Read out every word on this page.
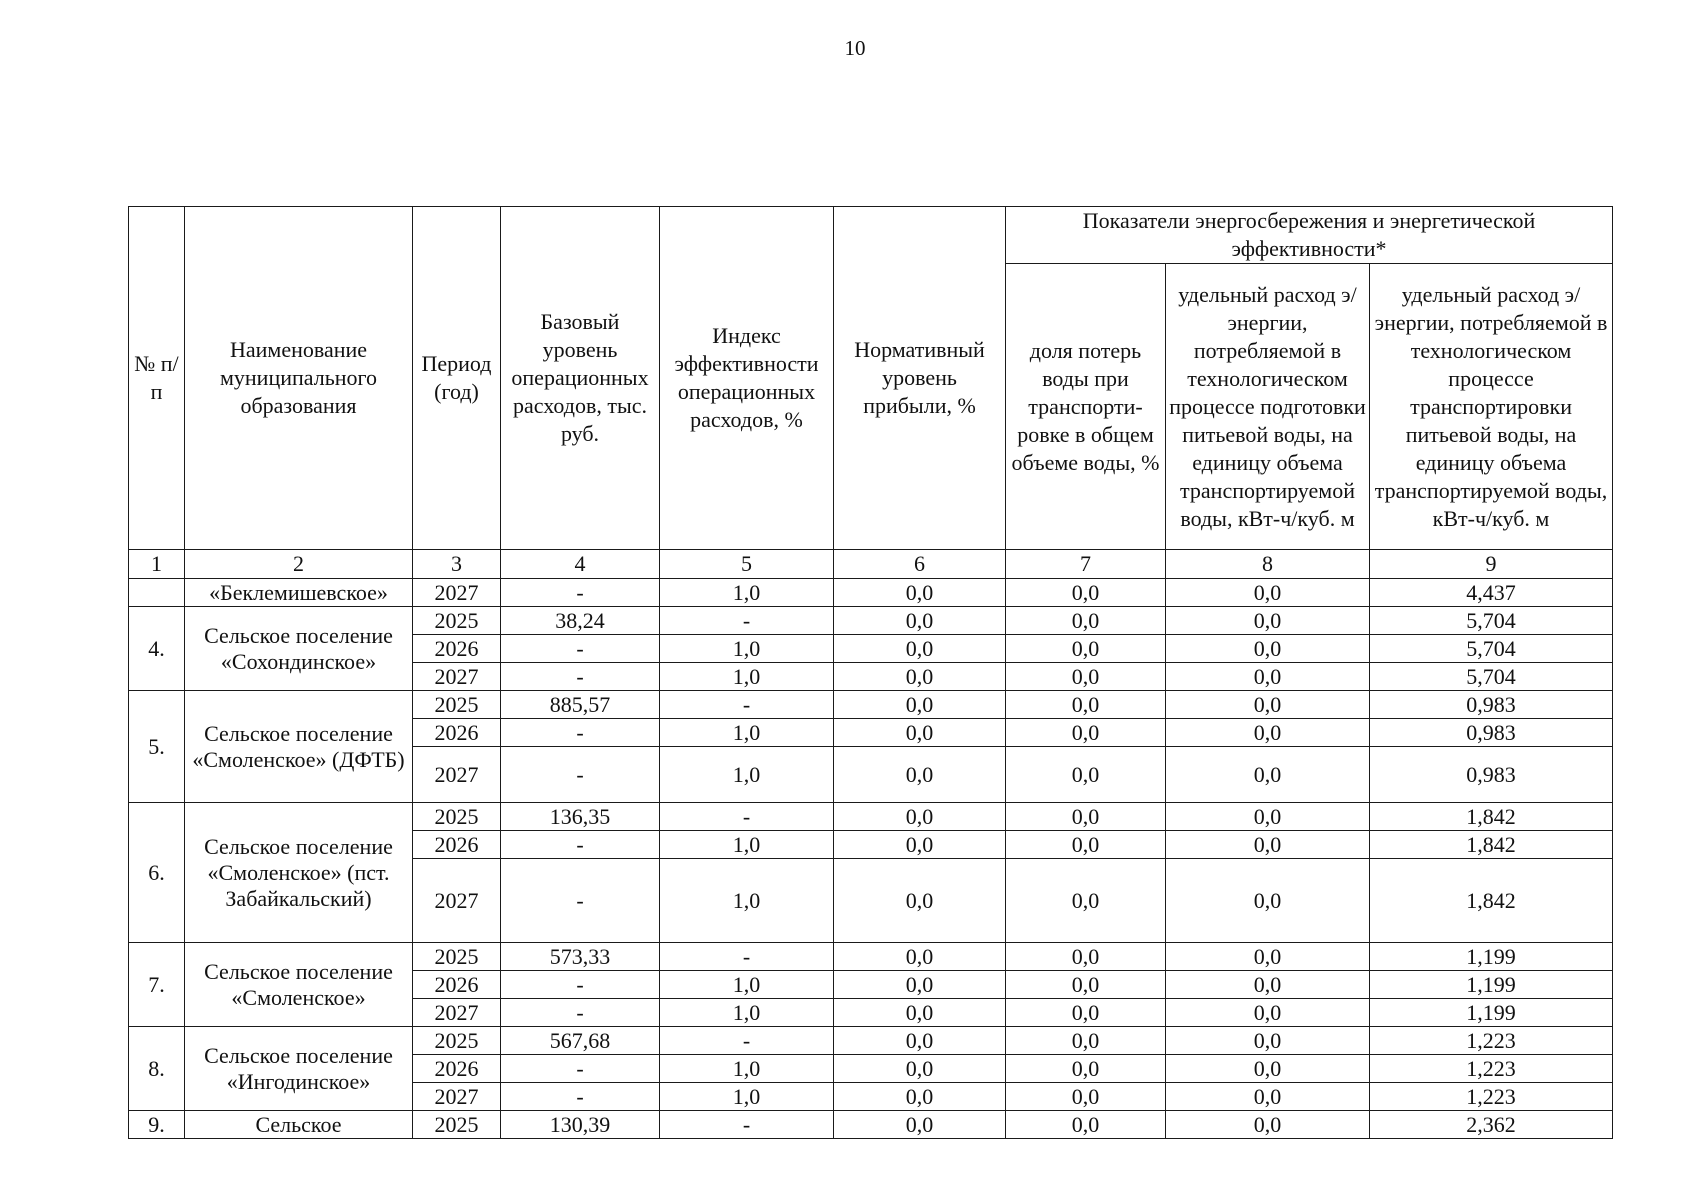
10
№ п/п	Наименование муниципального образования	Период (год)	Базовый уровень операционных расходов, тыс. руб.	Индекс эффективности операционных расходов, %	Нормативный уровень прибыли, %	Показатели энергосбережения и энергетической эффективности*		
						доля потерь воды при транспорти-ровке в общем объеме воды, %	удельный расход э/энергии, потребляемой в технологическом процессе подготовки питьевой воды, на единицу объема транспортируемой воды, кВт-ч/куб. м	удельный расход э/энергии, потребляемой в технологическом процессе транспортировки питьевой воды, на единицу объема транспортируемой воды, кВт-ч/куб. м
1	2	3	4	5	6	7	8	9
	«Беклемишевское»	2027	-	1,0	0,0	0,0	0,0	4,437
4.	Сельское поселение «Сохондинское»	2025	38,24	-	0,0	0,0	0,0	5,704
		2026	-	1,0	0,0	0,0	0,0	5,704
		2027	-	1,0	0,0	0,0	0,0	5,704
5.	Сельское поселение «Смоленское» (ДФТБ)	2025	885,57	-	0,0	0,0	0,0	0,983
		2026	-	1,0	0,0	0,0	0,0	0,983
		2027	-	1,0	0,0	0,0	0,0	0,983
6.	Сельское поселение «Смоленское» (пст. Забайкальский)	2025	136,35	-	0,0	0,0	0,0	1,842
		2026	-	1,0	0,0	0,0	0,0	1,842
		2027	-	1,0	0,0	0,0	0,0	1,842
7.	Сельское поселение «Смоленское»	2025	573,33	-	0,0	0,0	0,0	1,199
		2026	-	1,0	0,0	0,0	0,0	1,199
		2027	-	1,0	0,0	0,0	0,0	1,199
8.	Сельское поселение «Ингодинское»	2025	567,68	-	0,0	0,0	0,0	1,223
		2026	-	1,0	0,0	0,0	0,0	1,223
		2027	-	1,0	0,0	0,0	0,0	1,223
9.	Сельское	2025	130,39	-	0,0	0,0	0,0	2,362
